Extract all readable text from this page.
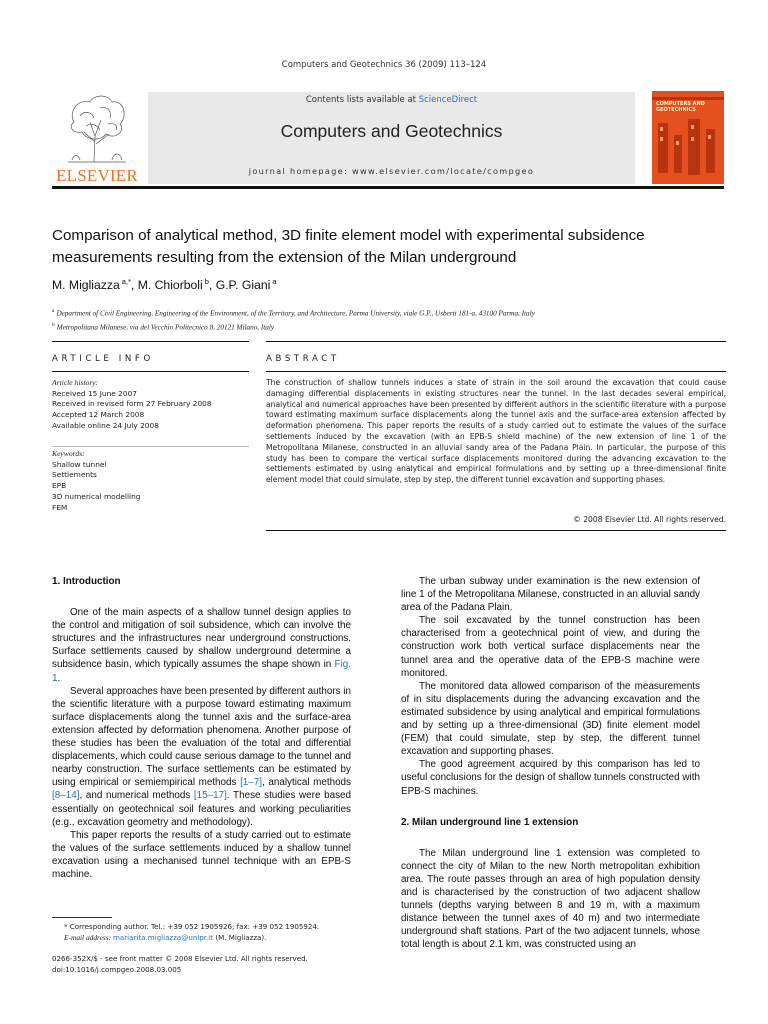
Computers and Geotechnics 36 (2009) 113–124
ELSEVIER
Contents lists available at ScienceDirect
Computers and Geotechnics
journal homepage: www.elsevier.com/locate/compgeo
COMPUTERS AND GEOTECHNICS
Comparison of analytical method, 3D finite element model with experimental subsidence measurements resulting from the extension of the Milan underground
M. Migliazza $^{a,*}$, M. Chiorboli $^b$, G.P. Giani $^a$
$^a$ Department of Civil Engineering, Engineering of the Environment, of the Territory, and Architecture, Parma University, viale G.P., Usberti 181-a, 43100 Parma, Italy
$^b$ Metropolitana Milanese, via del Vecchio Politecnico 8, 20121 Milano, Italy
ARTICLE INFO	ABSTRACT
Article history:
Received 15 June 2007
Received in revised form 27 February 2008
Accepted 12 March 2008
Available online 24 July 2008
Keywords:
Shallow tunnel
Settlements
EPB
3D numerical modelling
FEM
The construction of shallow tunnels induces a state of strain in the soil around the excavation that could cause damaging differential displacements in existing structures near the tunnel. In the last decades several empirical, analytical and numerical approaches have been presented by different authors in the scientific literature with a purpose toward estimating maximum surface displacements along the tunnel axis and the surface-area extension affected by deformation phenomena. This paper reports the results of a study carried out to estimate the values of the surface settlements induced by the excavation (with an EPB-S shield machine) of the new extension of line 1 of the Metropolitana Milanese, constructed in an alluvial sandy area of the Padana Plain. In particular, the purpose of this study has been to compare the vertical surface displacements monitored during the advancing excavation to the settlements estimated by using analytical and empirical formulations and by setting up a three-dimensional finite element model that could simulate, step by step, the different tunnel excavation and supporting phases.
© 2008 Elsevier Ltd. All rights reserved.
1. Introduction

One of the main aspects of a shallow tunnel design applies to the control and mitigation of soil subsidence, which can involve the structures and the infrastructures near underground constructions. Surface settlements caused by shallow underground determine a subsidence basin, which typically assumes the shape shown in Fig. 1.

Several approaches have been presented by different authors in the scientific literature with a purpose toward estimating maximum surface displacements along the tunnel axis and the surface-area extension affected by deformation phenomena. Another purpose of these studies has been the evaluation of the total and differential displacements, which could cause serious damage to the tunnel and nearby construction. The surface settlements can be estimated by using empirical or semiempirical methods [1–7], analytical methods [8–14], and numerical methods [15–17]. These studies were based essentially on geotechnical soil features and working peculiarities (e.g., excavation geometry and methodology).

This paper reports the results of a study carried out to estimate the values of the surface settlements induced by a shallow tunnel excavation using a mechanised tunnel technique with an EPB-S machine.

The urban subway under examination is the new extension of line 1 of the Metropolitana Milanese, constructed in an alluvial sandy area of the Padana Plain.

The soil excavated by the tunnel construction has been characterised from a geotechnical point of view, and during the construction work both vertical surface displacements near the tunnel area and the operative data of the EPB-S machine were monitored.

The monitored data allowed comparison of the measurements of in situ displacements during the advancing excavation and the estimated subsidence by using analytical and empirical formulations and by setting up a three-dimensional (3D) finite element model (FEM) that could simulate, step by step, the different tunnel excavation and supporting phases.

The good agreement acquired by this comparison has led to useful conclusions for the design of shallow tunnels constructed with EPB-S machines.

2. Milan underground line 1 extension

The Milan underground line 1 extension was completed to connect the city of Milan to the new North metropolitan exhibition area. The route passes through an area of high population density and is characterised by the construction of two adjacent shallow tunnels (depths varying between 8 and 19 m, with a maximum distance between the tunnel axes of 40 m) and two intermediate underground shaft stations. Part of the two adjacent tunnels, whose total length is about 2.1 km, was constructed using an

* Corresponding author. Tel.: +39 052 1905926; fax: +39 052 1905924.
E-mail address: mariarita.migliazza@unipr.it (M. Migliazza).
0266-352X/$ - see front matter © 2008 Elsevier Ltd. All rights reserved.
doi:10.1016/j.compgeo.2008.03.005
